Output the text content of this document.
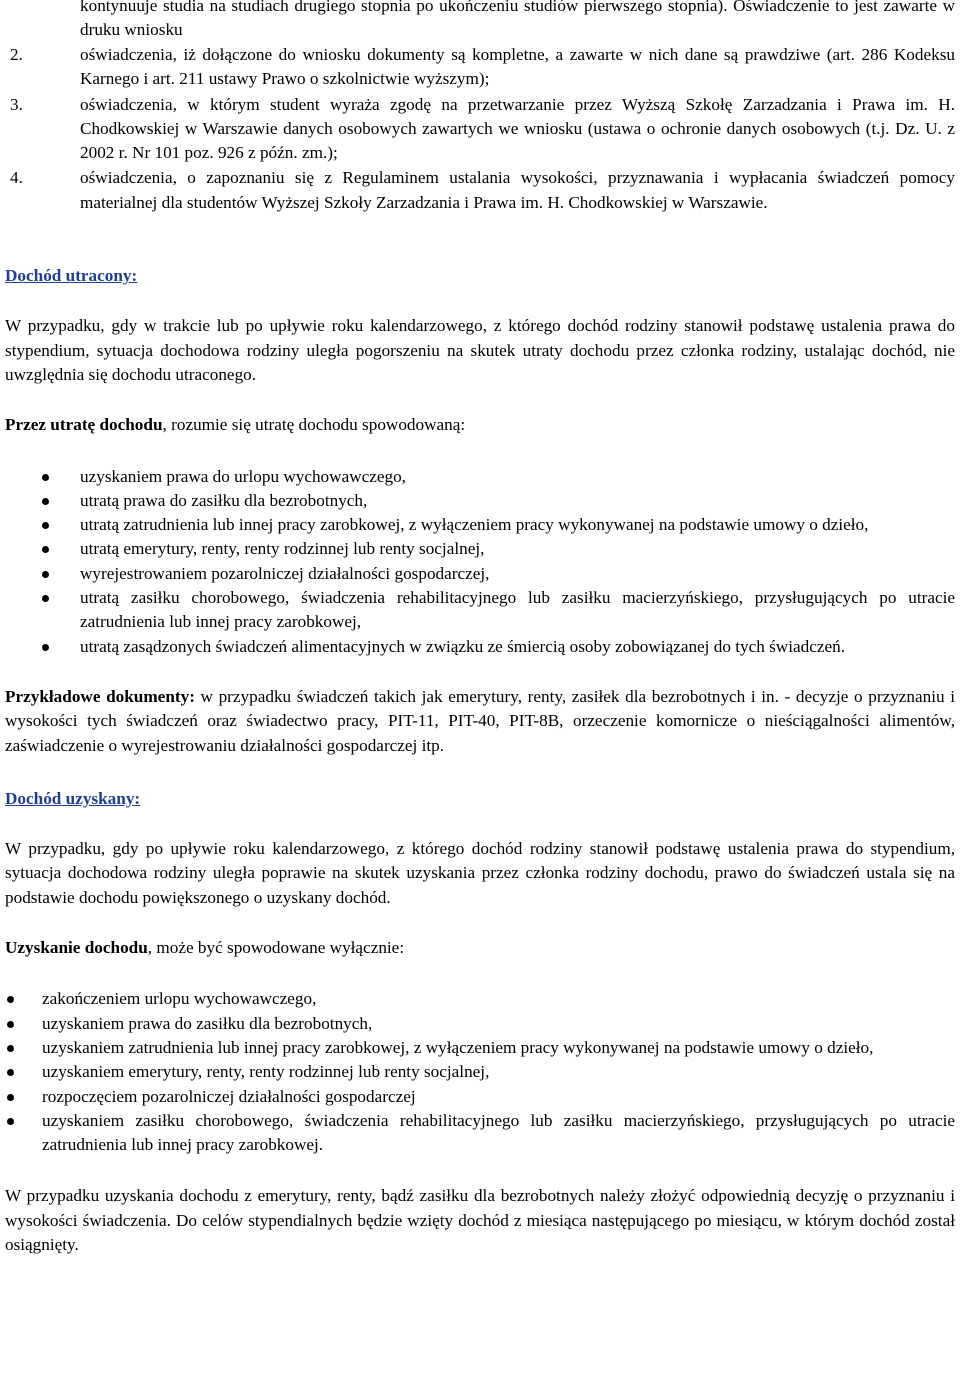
kontynuuje studia na studiach drugiego stopnia po ukończeniu studiów pierwszego stopnia). Oświadczenie to jest zawarte w druku wniosku
2.	oświadczenia, iż dołączone do wniosku dokumenty są kompletne, a zawarte w nich dane są prawdziwe (art. 286 Kodeksu Karnego i art. 211 ustawy Prawo o szkolnictwie wyższym);
3.	oświadczenia, w którym student wyraża zgodę na przetwarzanie przez Wyższą Szkołę Zarzadzania i Prawa im. H. Chodkowskiej w Warszawie danych osobowych zawartych we wniosku (ustawa o ochronie danych osobowych (t.j. Dz. U. z 2002 r. Nr 101 poz. 926 z późn. zm.);
4.	oświadczenia, o zapoznaniu się z Regulaminem ustalania wysokości, przyznawania i wypłacania świadczeń pomocy materialnej dla studentów Wyższej Szkoły Zarzadzania i Prawa im. H. Chodkowskiej w Warszawie.

Dochód utracony:

W przypadku, gdy w trakcie lub po upływie roku kalendarzowego, z którego dochód rodziny stanowił podstawę ustalenia prawa do stypendium, sytuacja dochodowa rodziny uległa pogorszeniu na skutek utraty dochodu przez członka rodziny, ustalając dochód, nie uwzględnia się dochodu utraconego.

Przez utratę dochodu, rozumie się utratę dochodu spowodowaną:

uzyskaniem prawa do urlopu wychowawczego,
utratą prawa do zasiłku dla bezrobotnych,
utratą zatrudnienia lub innej pracy zarobkowej, z wyłączeniem pracy wykonywanej na podstawie umowy o dzieło,
utratą emerytury, renty, renty rodzinnej lub renty socjalnej,
wyrejestrowaniem pozarolniczej działalności gospodarczej,
utratą zasiłku chorobowego, świadczenia rehabilitacyjnego lub zasiłku macierzyńskiego, przysługujących po utracie zatrudnienia lub innej pracy zarobkowej,
utratą zasądzonych świadczeń alimentacyjnych w związku ze śmiercią osoby zobowiązanej do tych świadczeń.

Przykładowe dokumenty: w przypadku świadczeń takich jak emerytury, renty, zasiłek dla bezrobotnych i in. - decyzje o przyznaniu i wysokości tych świadczeń oraz świadectwo pracy, PIT-11, PIT-40, PIT-8B, orzeczenie komornicze o nieściągalności alimentów, zaświadczenie o wyrejestrowaniu działalności gospodarczej itp.

Dochód uzyskany:

W przypadku, gdy po upływie roku kalendarzowego, z którego dochód rodziny stanowił podstawę ustalenia prawa do stypendium, sytuacja dochodowa rodziny uległa poprawie na skutek uzyskania przez członka rodziny dochodu, prawo do świadczeń ustala się na podstawie dochodu powiększonego o uzyskany dochód.

Uzyskanie dochodu, może być spowodowane wyłącznie:

zakończeniem urlopu wychowawczego,
uzyskaniem prawa do zasiłku dla bezrobotnych,
uzyskaniem zatrudnienia lub innej pracy zarobkowej, z wyłączeniem pracy wykonywanej na podstawie umowy o dzieło,
uzyskaniem emerytury, renty, renty rodzinnej lub renty socjalnej,
rozpoczęciem pozarolniczej działalności gospodarczej
uzyskaniem zasiłku chorobowego, świadczenia rehabilitacyjnego lub zasiłku macierzyńskiego, przysługujących po utracie zatrudnienia lub innej pracy zarobkowej.

W przypadku uzyskania dochodu z emerytury, renty, bądź zasiłku dla bezrobotnych należy złożyć odpowiednią decyzję o przyznaniu i wysokości świadczenia. Do celów stypendialnych będzie wzięty dochód z miesiąca następującego po miesiącu, w którym dochód został osiągnięty.
